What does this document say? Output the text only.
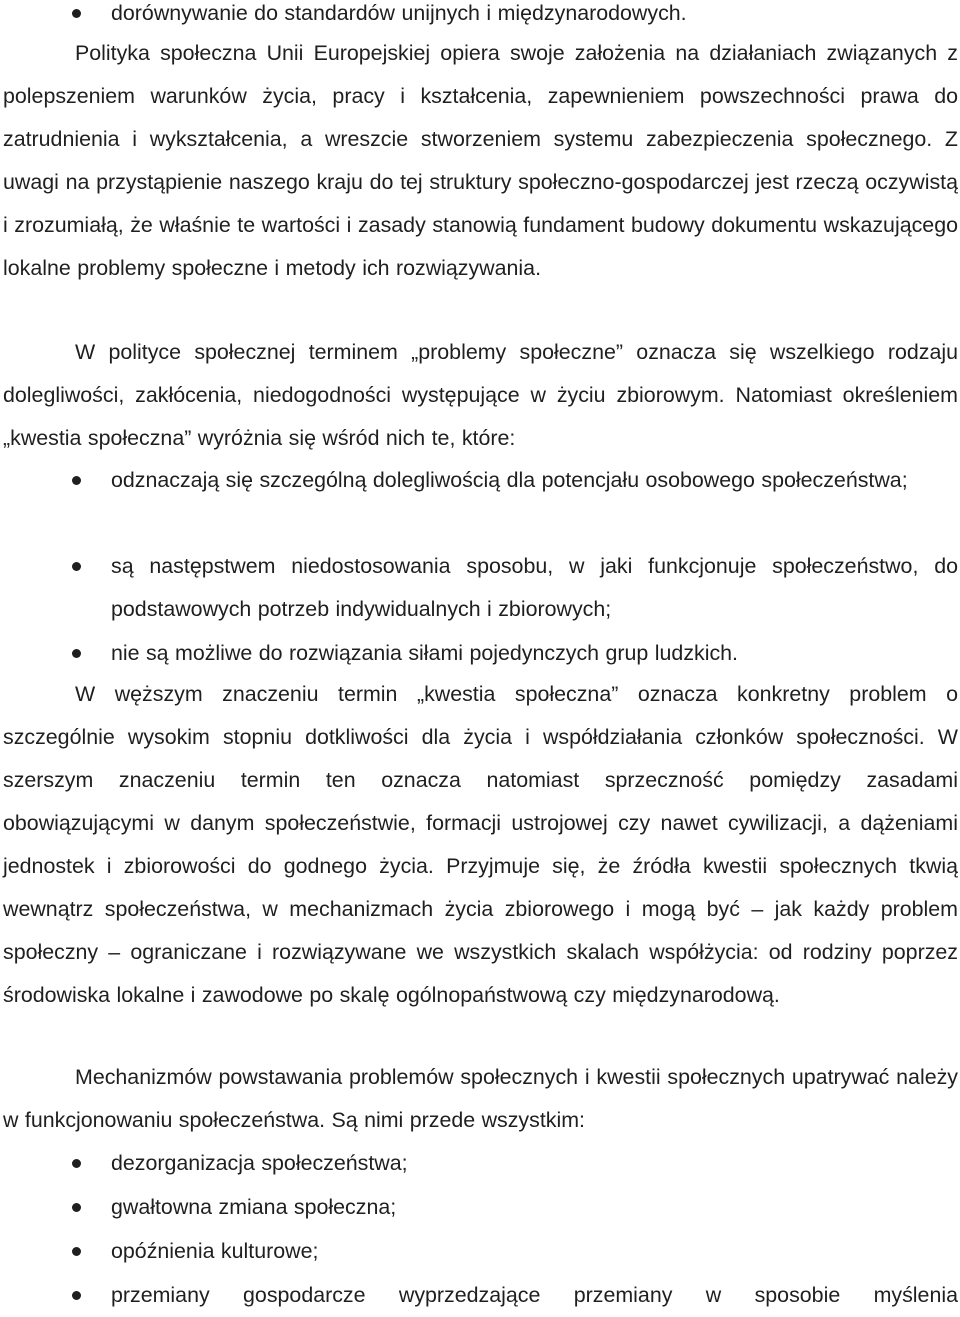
dorównywanie do standardów unijnych i międzynarodowych.

Polityka społeczna Unii Europejskiej opiera swoje założenia na działaniach związanych z polepszeniem warunków życia, pracy i kształcenia, zapewnieniem powszechności prawa do zatrudnienia i wykształcenia, a wreszcie stworzeniem systemu zabezpieczenia społecznego. Z uwagi na przystąpienie naszego kraju do tej struktury społeczno-gospodarczej jest rzeczą oczywistą i zrozumiałą, że właśnie te wartości i zasady stanowią fundament budowy dokumentu wskazującego lokalne problemy społeczne i metody ich rozwiązywania.

W polityce społecznej terminem „problemy społeczne” oznacza się wszelkiego rodzaju dolegliwości, zakłócenia, niedogodności występujące w życiu zbiorowym. Natomiast określeniem „kwestia społeczna” wyróżnia się wśród nich te, które:

odznaczają się szczególną dolegliwością dla potencjału osobowego społeczeństwa;
są następstwem niedostosowania sposobu, w jaki funkcjonuje społeczeństwo, do podstawowych potrzeb indywidualnych i zbiorowych;
nie są możliwe do rozwiązania siłami pojedynczych grup ludzkich.

W węższym znaczeniu termin „kwestia społeczna” oznacza konkretny problem o szczególnie wysokim stopniu dotkliwości dla życia i współdziałania członków społeczności. W szerszym znaczeniu termin ten oznacza natomiast sprzeczność pomiędzy zasadami obowiązującymi w danym społeczeństwie, formacji ustrojowej czy nawet cywilizacji, a dążeniami jednostek i zbiorowości do godnego życia. Przyjmuje się, że źródła kwestii społecznych tkwią wewnątrz społeczeństwa, w mechanizmach życia zbiorowego i mogą być – jak każdy problem społeczny – ograniczane i rozwiązywane we wszystkich skalach współżycia: od rodziny poprzez środowiska lokalne i zawodowe po skalę ogólnopaństwową czy międzynarodową.

Mechanizmów powstawania problemów społecznych i kwestii społecznych upatrywać należy w funkcjonowaniu społeczeństwa. Są nimi przede wszystkim:

dezorganizacja społeczeństwa;
gwałtowna zmiana społeczna;
opóźnienia kulturowe;
przemiany gospodarcze wyprzedzające przemiany w sposobie myślenia
